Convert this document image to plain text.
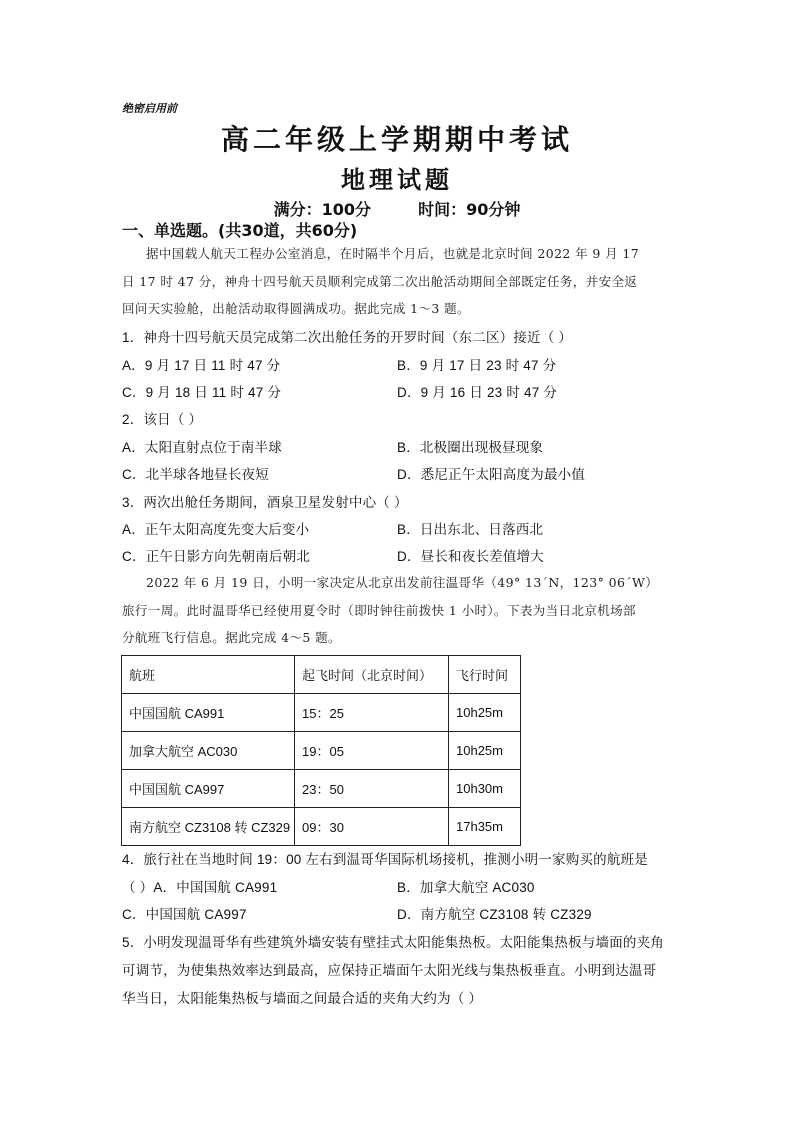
绝密启用前
高二年级上学期期中考试
地理试题
满分：100分	时间：90分钟
一、单选题。(共30道，共60分)
据中国载人航天工程办公室消息，在时隔半个月后，也就是北京时间 2022 年 9 月 17
日 17 时 47 分，神舟十四号航天员顺利完成第二次出舱活动期间全部既定任务，并安全返
回问天实验舱，出舱活动取得圆满成功。据此完成 1～3 题。
1．神舟十四号航天员完成第二次出舱任务的开罗时间（东二区）接近（ ）
A．9 月 17 日 11 时 47 分	B．9 月 17 日 23 时 47 分
C．9 月 18 日 11 时 47 分	D．9 月 16 日 23 时 47 分
2．该日（ ）
A．太阳直射点位于南半球	B．北极圈出现极昼现象
C．北半球各地昼长夜短	D．悉尼正午太阳高度为最小值
3．两次出舱任务期间，酒泉卫星发射中心（ ）
A．正午太阳高度先变大后变小	B．日出东北、日落西北
C．正午日影方向先朝南后朝北	D．昼长和夜长差值增大
2022 年 6 月 19 日，小明一家决定从北京出发前往温哥华（49° 13ˊN，123° 06ˊW）
旅行一周。此时温哥华已经使用夏令时（即时钟往前拨快 1 小时）。下表为当日北京机场部
分航班飞行信息。据此完成 4～5 题。
航班	起飞时间（北京时间）	飞行时间
中国国航 CA991	15：25	10h25m
加拿大航空 AC030	19：05	10h25m
中国国航 CA997	23：50	10h30m
南方航空 CZ3108 转 CZ329	09：30	17h35m
4．旅行社在当地时间 19：00 左右到温哥华国际机场接机，推测小明一家购买的航班是
（ ）A．中国国航 CA991	B．加拿大航空 AC030
C．中国国航 CA997	D．南方航空 CZ3108 转 CZ329
5．小明发现温哥华有些建筑外墙安装有壁挂式太阳能集热板。太阳能集热板与墙面的夹角
可调节，为使集热效率达到最高，应保持正墙面午太阳光线与集热板垂直。小明到达温哥
华当日，太阳能集热板与墙面之间最合适的夹角大约为（ ）
